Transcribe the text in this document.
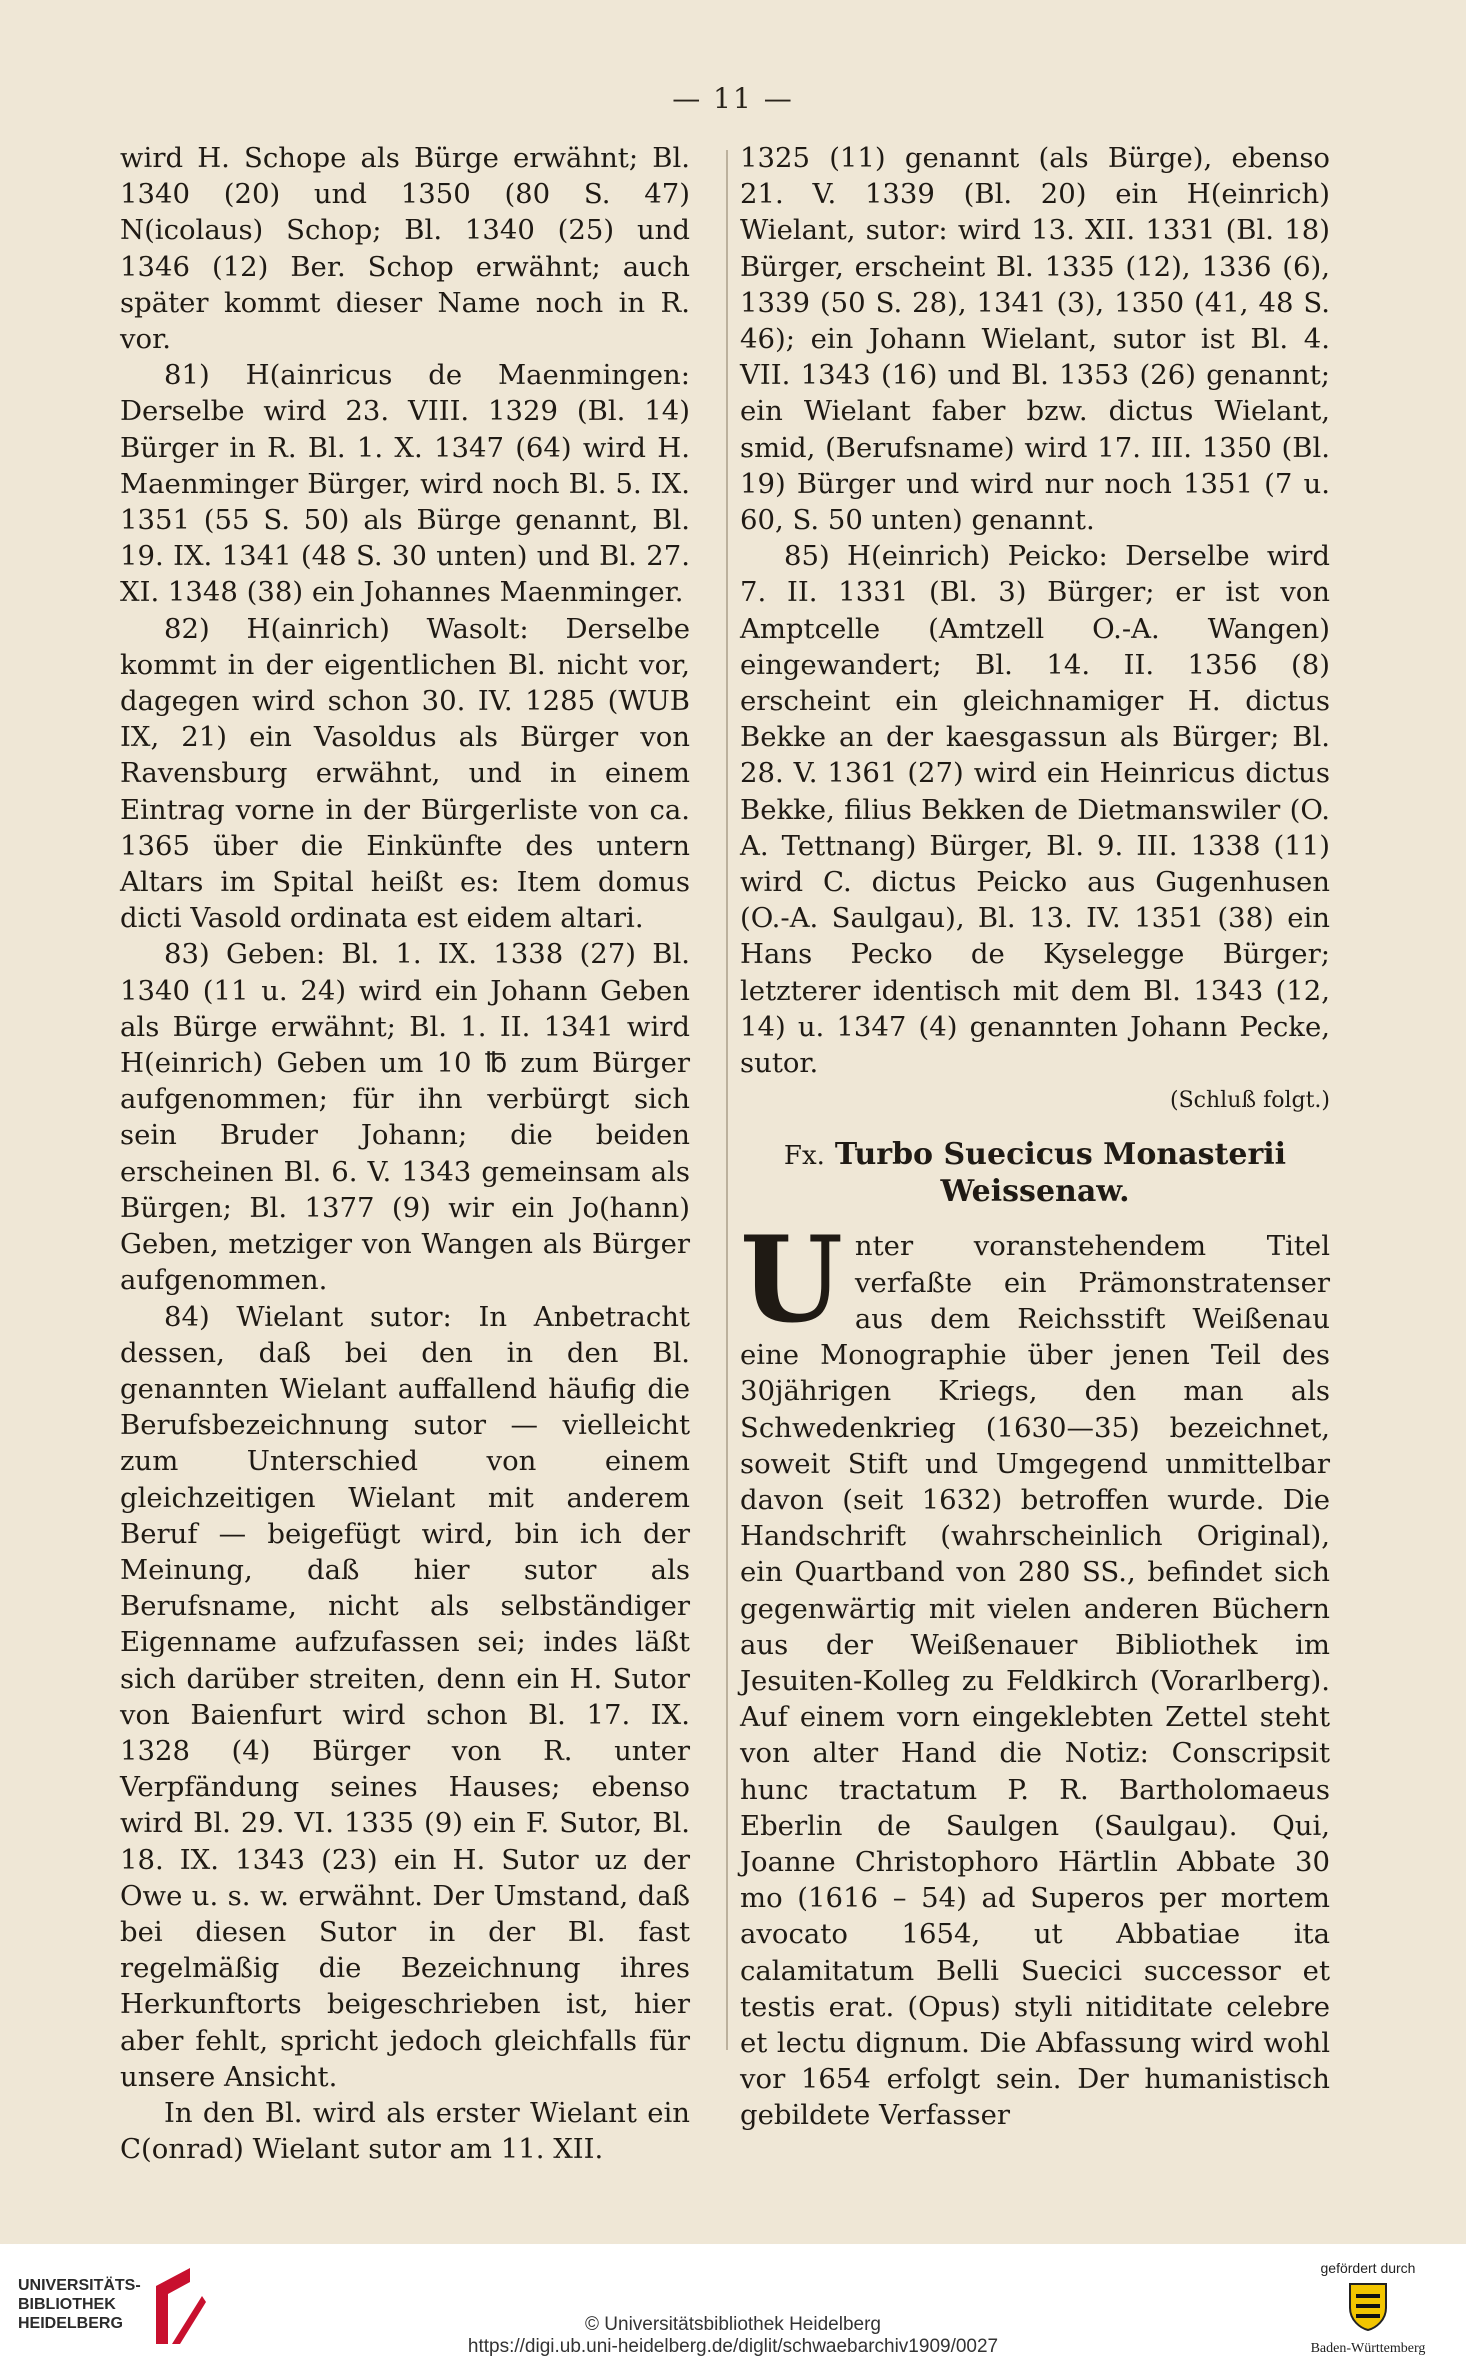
— 11 —

wird H. Schope als Bürge erwähnt; Bl. 1340 (20) und 1350 (80 S. 47) N(icolaus) Schop; Bl. 1340 (25) und 1346 (12) Ber. Schop erwähnt; auch später kommt dieser Name noch in R. vor.

81) H(ainricus de Maenmingen: Derselbe wird 23. VIII. 1329 (Bl. 14) Bürger in R. Bl. 1. X. 1347 (64) wird H. Maenminger Bürger, wird noch Bl. 5. IX. 1351 (55 S. 50) als Bürge genannt, Bl. 19. IX. 1341 (48 S. 30 unten) und Bl. 27. XI. 1348 (38) ein Johannes Maenminger.

82) H(ainrich) Wasolt: Derselbe kommt in der eigentlichen Bl. nicht vor, dagegen wird schon 30. IV. 1285 (WUB IX, 21) ein Vasoldus als Bürger von Ravensburg erwähnt, und in einem Eintrag vorne in der Bürgerliste von ca. 1365 über die Einkünfte des untern Altars im Spital heißt es: Item domus dicti Vasold ordinata est eidem altari.

83) Geben: Bl. 1. IX. 1338 (27) Bl. 1340 (11 u. 24) wird ein Johann Geben als Bürge erwähnt; Bl. 1. II. 1341 wird H(einrich) Geben um 10 ℔ zum Bürger aufgenommen; für ihn verbürgt sich sein Bruder Johann; die beiden erscheinen Bl. 6. V. 1343 gemeinsam als Bürgen; Bl. 1377 (9) wir ein Jo(hann) Geben, metziger von Wangen als Bürger aufgenommen.

84) Wielant sutor: In Anbetracht dessen, daß bei den in den Bl. genannten Wielant auffallend häufig die Berufsbezeichnung sutor — vielleicht zum Unterschied von einem gleichzeitigen Wielant mit anderem Beruf — beigefügt wird, bin ich der Meinung, daß hier sutor als Berufsname, nicht als selbständiger Eigenname aufzufassen sei; indes läßt sich darüber streiten, denn ein H. Sutor von Baienfurt wird schon Bl. 17. IX. 1328 (4) Bürger von R. unter Verpfändung seines Hauses; ebenso wird Bl. 29. VI. 1335 (9) ein F. Sutor, Bl. 18. IX. 1343 (23) ein H. Sutor uz der Owe u. s. w. erwähnt. Der Umstand, daß bei diesen Sutor in der Bl. fast regelmäßig die Bezeichnung ihres Herkunftorts beigeschrieben ist, hier aber fehlt, spricht jedoch gleichfalls für unsere Ansicht.

In den Bl. wird als erster Wielant ein C(onrad) Wielant sutor am 11. XII.

1325 (11) genannt (als Bürge), ebenso 21. V. 1339 (Bl. 20) ein H(einrich) Wielant, sutor: wird 13. XII. 1331 (Bl. 18) Bürger, erscheint Bl. 1335 (12), 1336 (6), 1339 (50 S. 28), 1341 (3), 1350 (41, 48 S. 46); ein Johann Wielant, sutor ist Bl. 4. VII. 1343 (16) und Bl. 1353 (26) genannt; ein Wielant faber bzw. dictus Wielant, smid, (Berufsname) wird 17. III. 1350 (Bl. 19) Bürger und wird nur noch 1351 (7 u. 60, S. 50 unten) genannt.

85) H(einrich) Peicko: Derselbe wird 7. II. 1331 (Bl. 3) Bürger; er ist von Amptcelle (Amtzell O.-A. Wangen) eingewandert; Bl. 14. II. 1356 (8) erscheint ein gleichnamiger H. dictus Bekke an der kaesgassun als Bürger; Bl. 28. V. 1361 (27) wird ein Heinricus dictus Bekke, filius Bekken de Dietmanswiler (O. A. Tettnang) Bürger, Bl. 9. III. 1338 (11) wird C. dictus Peicko aus Gugenhusen (O.-A. Saulgau), Bl. 13. IV. 1351 (38) ein Hans Pecko de Kyselegge Bürger; letzterer identisch mit dem Bl. 1343 (12, 14) u. 1347 (4) genannten Johann Pecke, sutor.

(Schluß folgt.)
Fx. Turbo Suecicus Monasterii Weissenaw.

Unter voranstehendem Titel verfaßte ein Prämonstratenser aus dem Reichsstift Weißenau eine Monographie über jenen Teil des 30jährigen Kriegs, den man als Schwedenkrieg (1630—35) bezeichnet, soweit Stift und Umgegend unmittelbar davon (seit 1632) betroffen wurde. Die Handschrift (wahrscheinlich Original), ein Quartband von 280 SS., befindet sich gegenwärtig mit vielen anderen Büchern aus der Weißenauer Bibliothek im Jesuiten-Kolleg zu Feldkirch (Vorarlberg). Auf einem vorn eingeklebten Zettel steht von alter Hand die Notiz: Conscripsit hunc tractatum P. R. Bartholomaeus Eberlin de Saulgen (Saulgau). Qui, Joanne Christophoro Härtlin Abbate 30 mo (1616 – 54) ad Superos per mortem avocato 1654, ut Abbatiae ita calamitatum Belli Suecici successor et testis erat. (Opus) styli nitiditate celebre et lectu dignum. Die Abfassung wird wohl vor 1654 erfolgt sein. Der humanistisch gebildete Verfasser

UNIVERSITÄTS-
BIBLIOTHEK
HEIDELBERG	© Universitätsbibliothek Heidelberg
https://digi.ub.uni-heidelberg.de/diglit/schwaebarchiv1909/0027
gefördert durch
Baden-Württemberg
